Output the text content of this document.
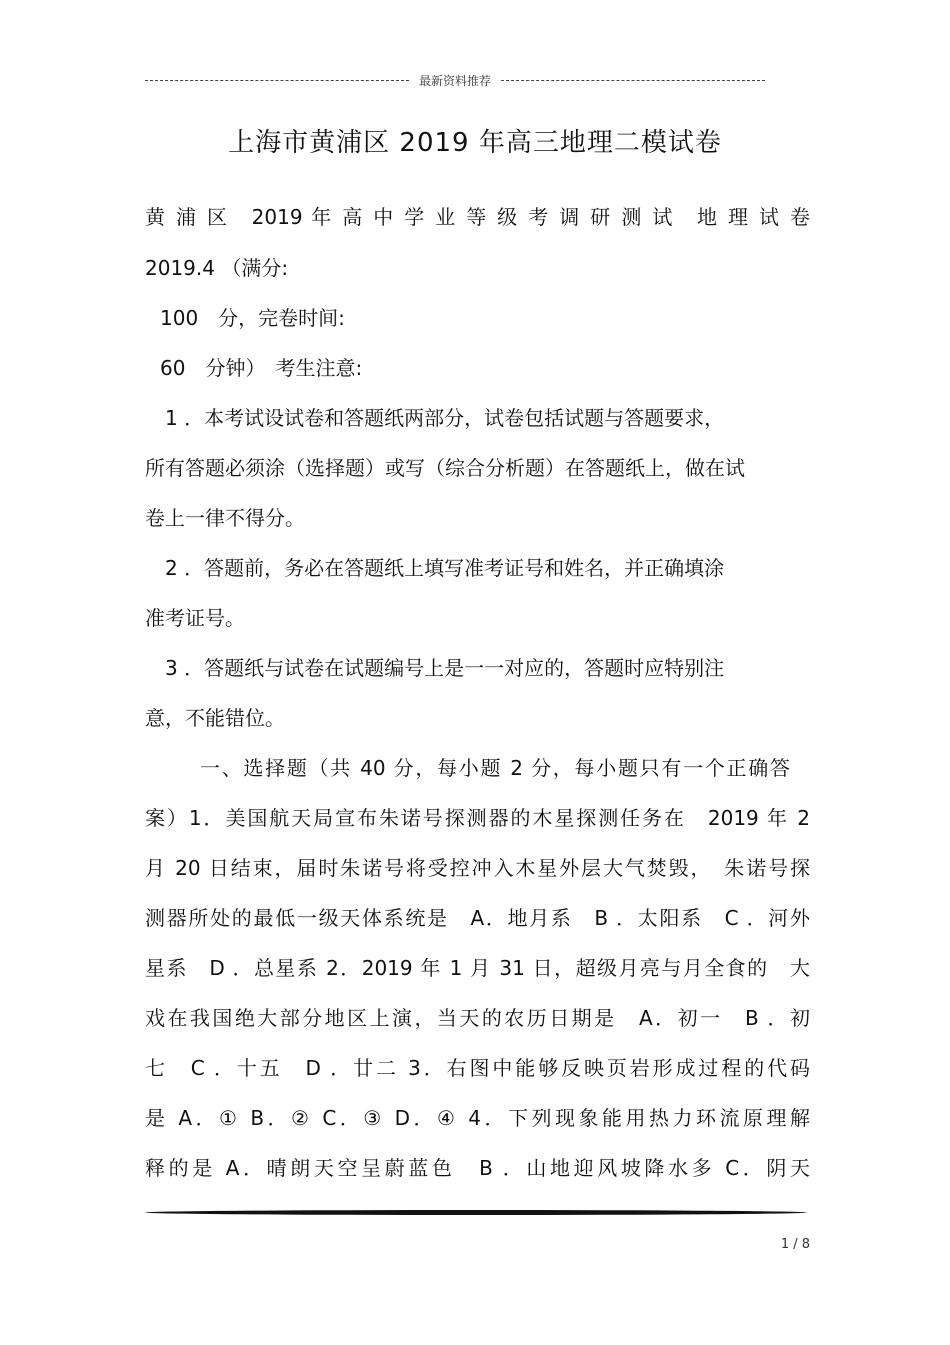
最新资料推荐
上海市黄浦区 2019 年高三地理二模试卷
黄 浦 区　2019 年 高 中 学 业 等 级 考 调 研 测 试　地 理 试 卷
2019.4 （满分:
100　分，完卷时间:
60　分钟）　考生注意:
1 ．本考试设试卷和答题纸两部分，试卷包括试题与答题要求，
所有答题必须涂（选择题）或写（综合分析题）在答题纸上，做在试
卷上一律不得分。
2 ．答题前，务必在答题纸上填写准考证号和姓名，并正确填涂
准考证号。
3 ．答题纸与试卷在试题编号上是一一对应的，答题时应特别注
意，不能错位。
一、选择题（共 40 分，每小题 2 分，每小题只有一个正确答
案）1．美国航天局宣布朱诺号探测器的木星探测任务在　2019 年 2
月 20 日结束，届时朱诺号将受控冲入木星外层大气焚毁，　朱诺号探
测器所处的最低一级天体系统是　A．地月系　B ．太阳系　C ．河外
星系　D ．总星系 2．2019 年 1 月 31 日，超级月亮与月全食的　大
戏在我国绝大部分地区上演，当天的农历日期是　A．初一　B ．初
七　C ．十五　D ．廿二 3．右图中能够反映页岩形成过程的代码
是 A．① B．② C．③ D．④ 4．下列现象能用热力环流原理解
释的是 A．晴朗天空呈蔚蓝色　B ．山地迎风坡降水多 C．阴天
1 / 8
